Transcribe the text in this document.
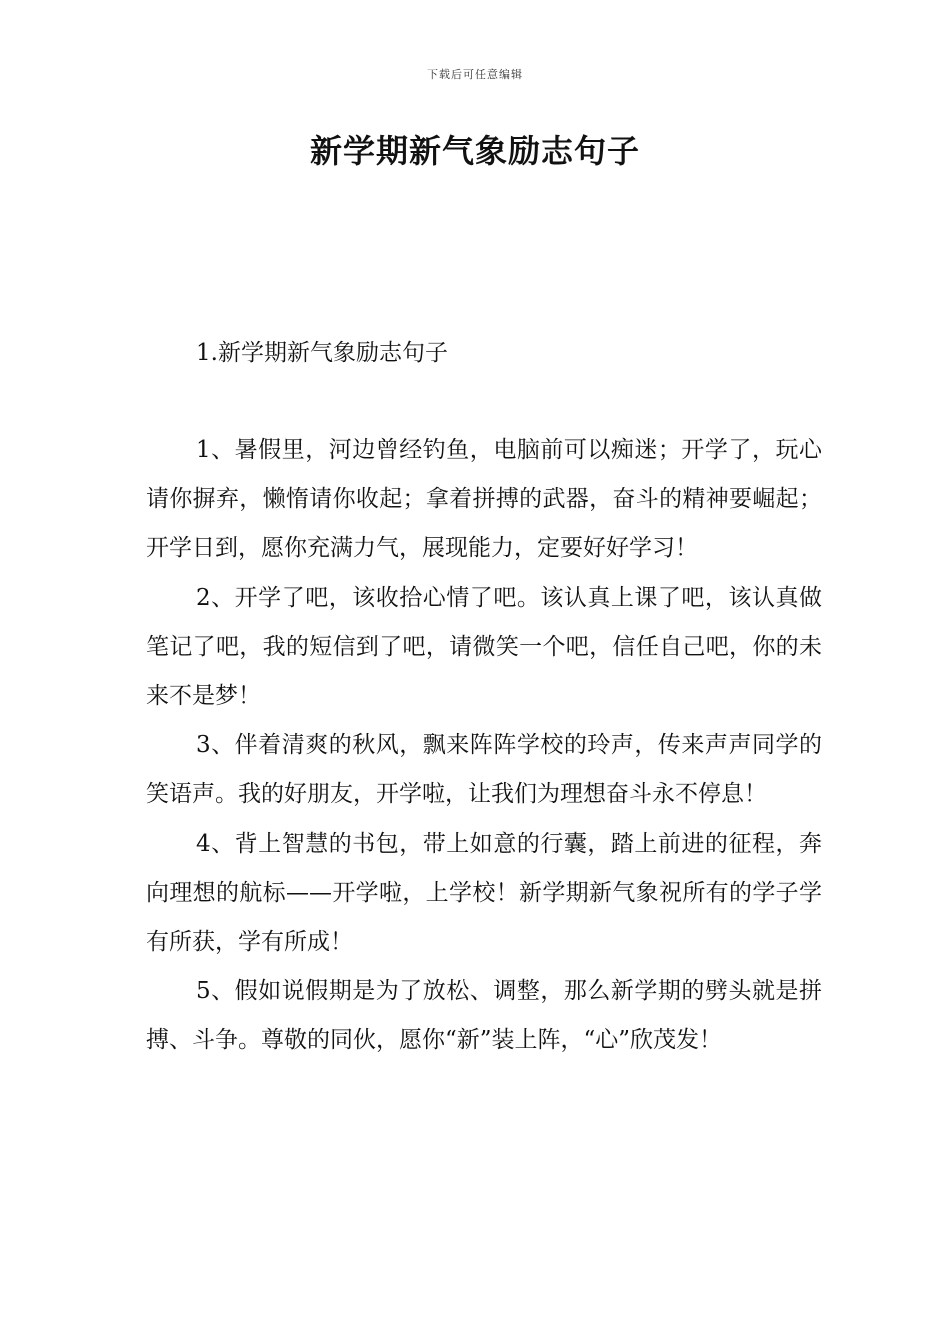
下载后可任意编辑
新学期新气象励志句子

1.新学期新气象励志句子

1、暑假里，河边曾经钓鱼，电脑前可以痴迷；开学了，玩心请你摒弃，懒惰请你收起；拿着拼搏的武器，奋斗的精神要崛起；开学日到，愿你充满力气，展现能力，定要好好学习！

2、开学了吧，该收拾心情了吧。该认真上课了吧，该认真做笔记了吧，我的短信到了吧，请微笑一个吧，信任自己吧，你的未来不是梦！

3、伴着清爽的秋风，飘来阵阵学校的玲声，传来声声同学的笑语声。我的好朋友，开学啦，让我们为理想奋斗永不停息！

4、背上智慧的书包，带上如意的行囊，踏上前进的征程，奔向理想的航标——开学啦，上学校！新学期新气象祝所有的学子学有所获，学有所成！

5、假如说假期是为了放松、调整，那么新学期的劈头就是拼搏、斗争。尊敬的同伙，愿你“新”装上阵，“心”欣茂发！
